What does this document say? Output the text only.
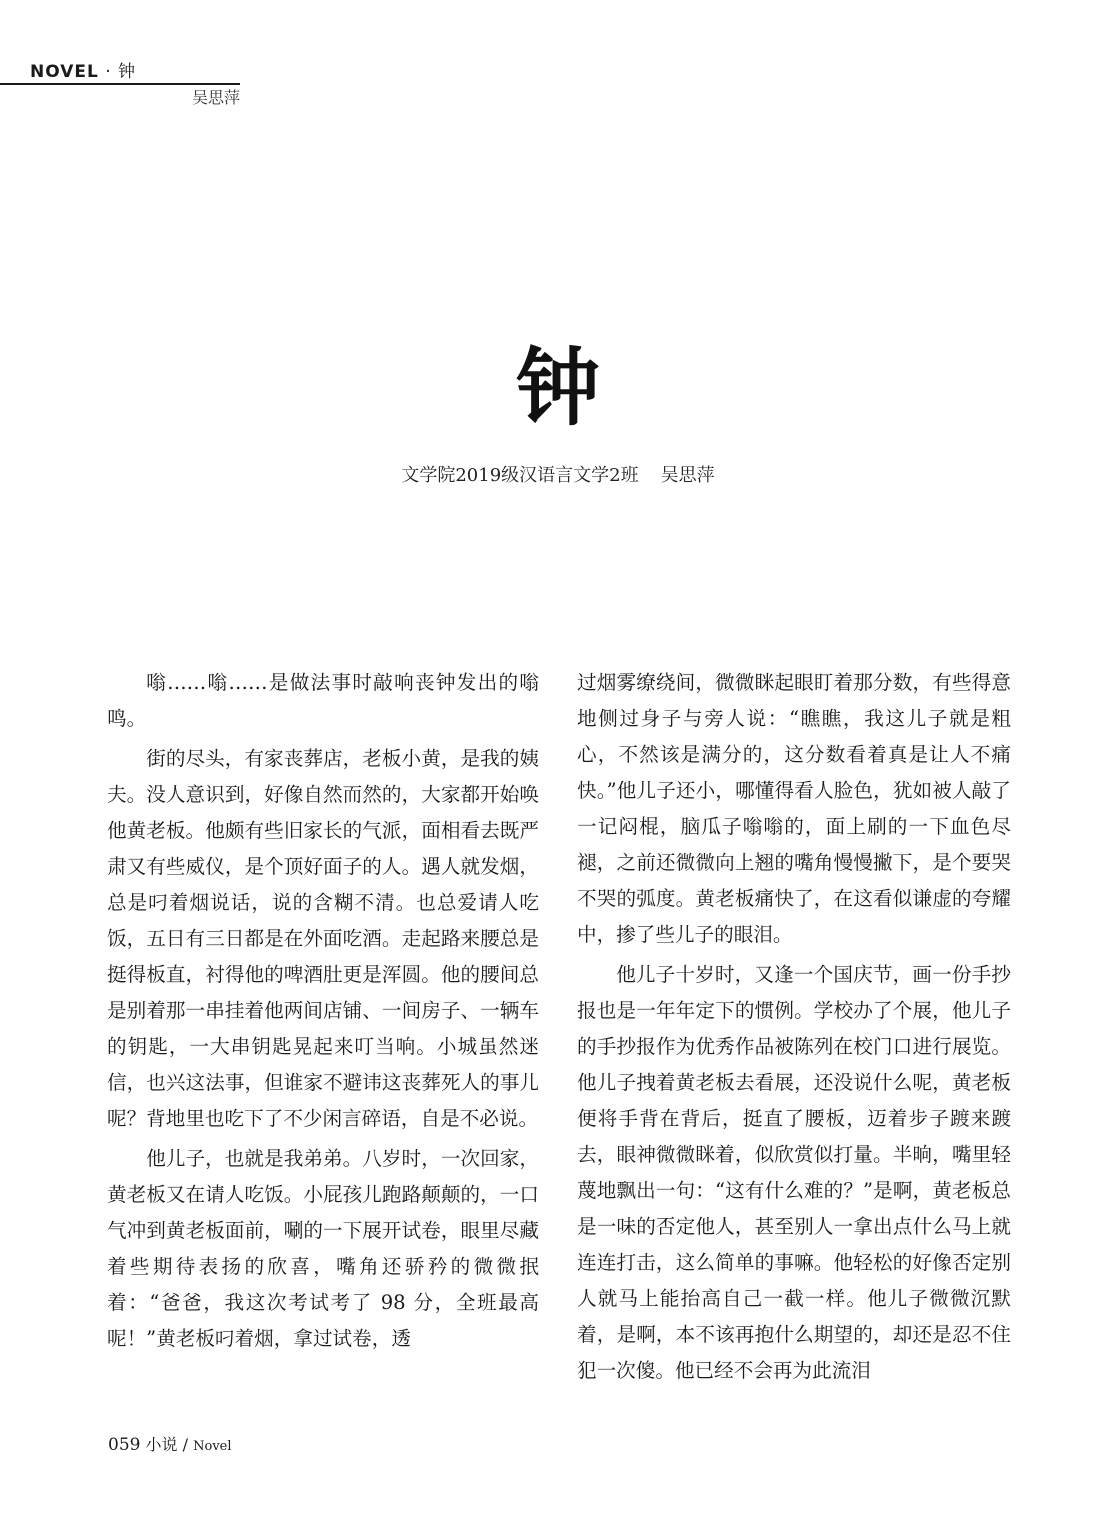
NOVEL · 钟
吴思萍
钟
文学院2019级汉语言文学2班 吴思萍

嗡……嗡……是做法事时敲响丧钟发出的嗡鸣。

街的尽头，有家丧葬店，老板小黄，是我的姨夫。没人意识到，好像自然而然的，大家都开始唤他黄老板。他颇有些旧家长的气派，面相看去既严肃又有些威仪，是个顶好面子的人。遇人就发烟，总是叼着烟说话，说的含糊不清。也总爱请人吃饭，五日有三日都是在外面吃酒。走起路来腰总是挺得板直，衬得他的啤酒肚更是浑圆。他的腰间总是别着那一串挂着他两间店铺、一间房子、一辆车的钥匙，一大串钥匙晃起来叮当响。小城虽然迷信，也兴这法事，但谁家不避讳这丧葬死人的事儿呢？背地里也吃下了不少闲言碎语，自是不必说。

他儿子，也就是我弟弟。八岁时，一次回家，黄老板又在请人吃饭。小屁孩儿跑路颠颠的，一口气冲到黄老板面前，唰的一下展开试卷，眼里尽藏着些期待表扬的欣喜，嘴角还骄矜的微微抿着：“爸爸，我这次考试考了 98 分，全班最高呢！”黄老板叼着烟，拿过试卷，透

过烟雾缭绕间，微微眯起眼盯着那分数，有些得意地侧过身子与旁人说：“瞧瞧，我这儿子就是粗心，不然该是满分的，这分数看着真是让人不痛快。”他儿子还小，哪懂得看人脸色，犹如被人敲了一记闷棍，脑瓜子嗡嗡的，面上刷的一下血色尽褪，之前还微微向上翘的嘴角慢慢撇下，是个要哭不哭的弧度。黄老板痛快了，在这看似谦虚的夸耀中，掺了些儿子的眼泪。

他儿子十岁时，又逢一个国庆节，画一份手抄报也是一年年定下的惯例。学校办了个展，他儿子的手抄报作为优秀作品被陈列在校门口进行展览。他儿子拽着黄老板去看展，还没说什么呢，黄老板便将手背在背后，挺直了腰板，迈着步子踱来踱去，眼神微微眯着，似欣赏似打量。半晌，嘴里轻蔑地飘出一句：“这有什么难的？”是啊，黄老板总是一味的否定他人，甚至别人一拿出点什么马上就连连打击，这么简单的事嘛。他轻松的好像否定别人就马上能抬高自己一截一样。他儿子微微沉默着，是啊，本不该再抱什么期望的，却还是忍不住犯一次傻。他已经不会再为此流泪

059 小说 / Novel
